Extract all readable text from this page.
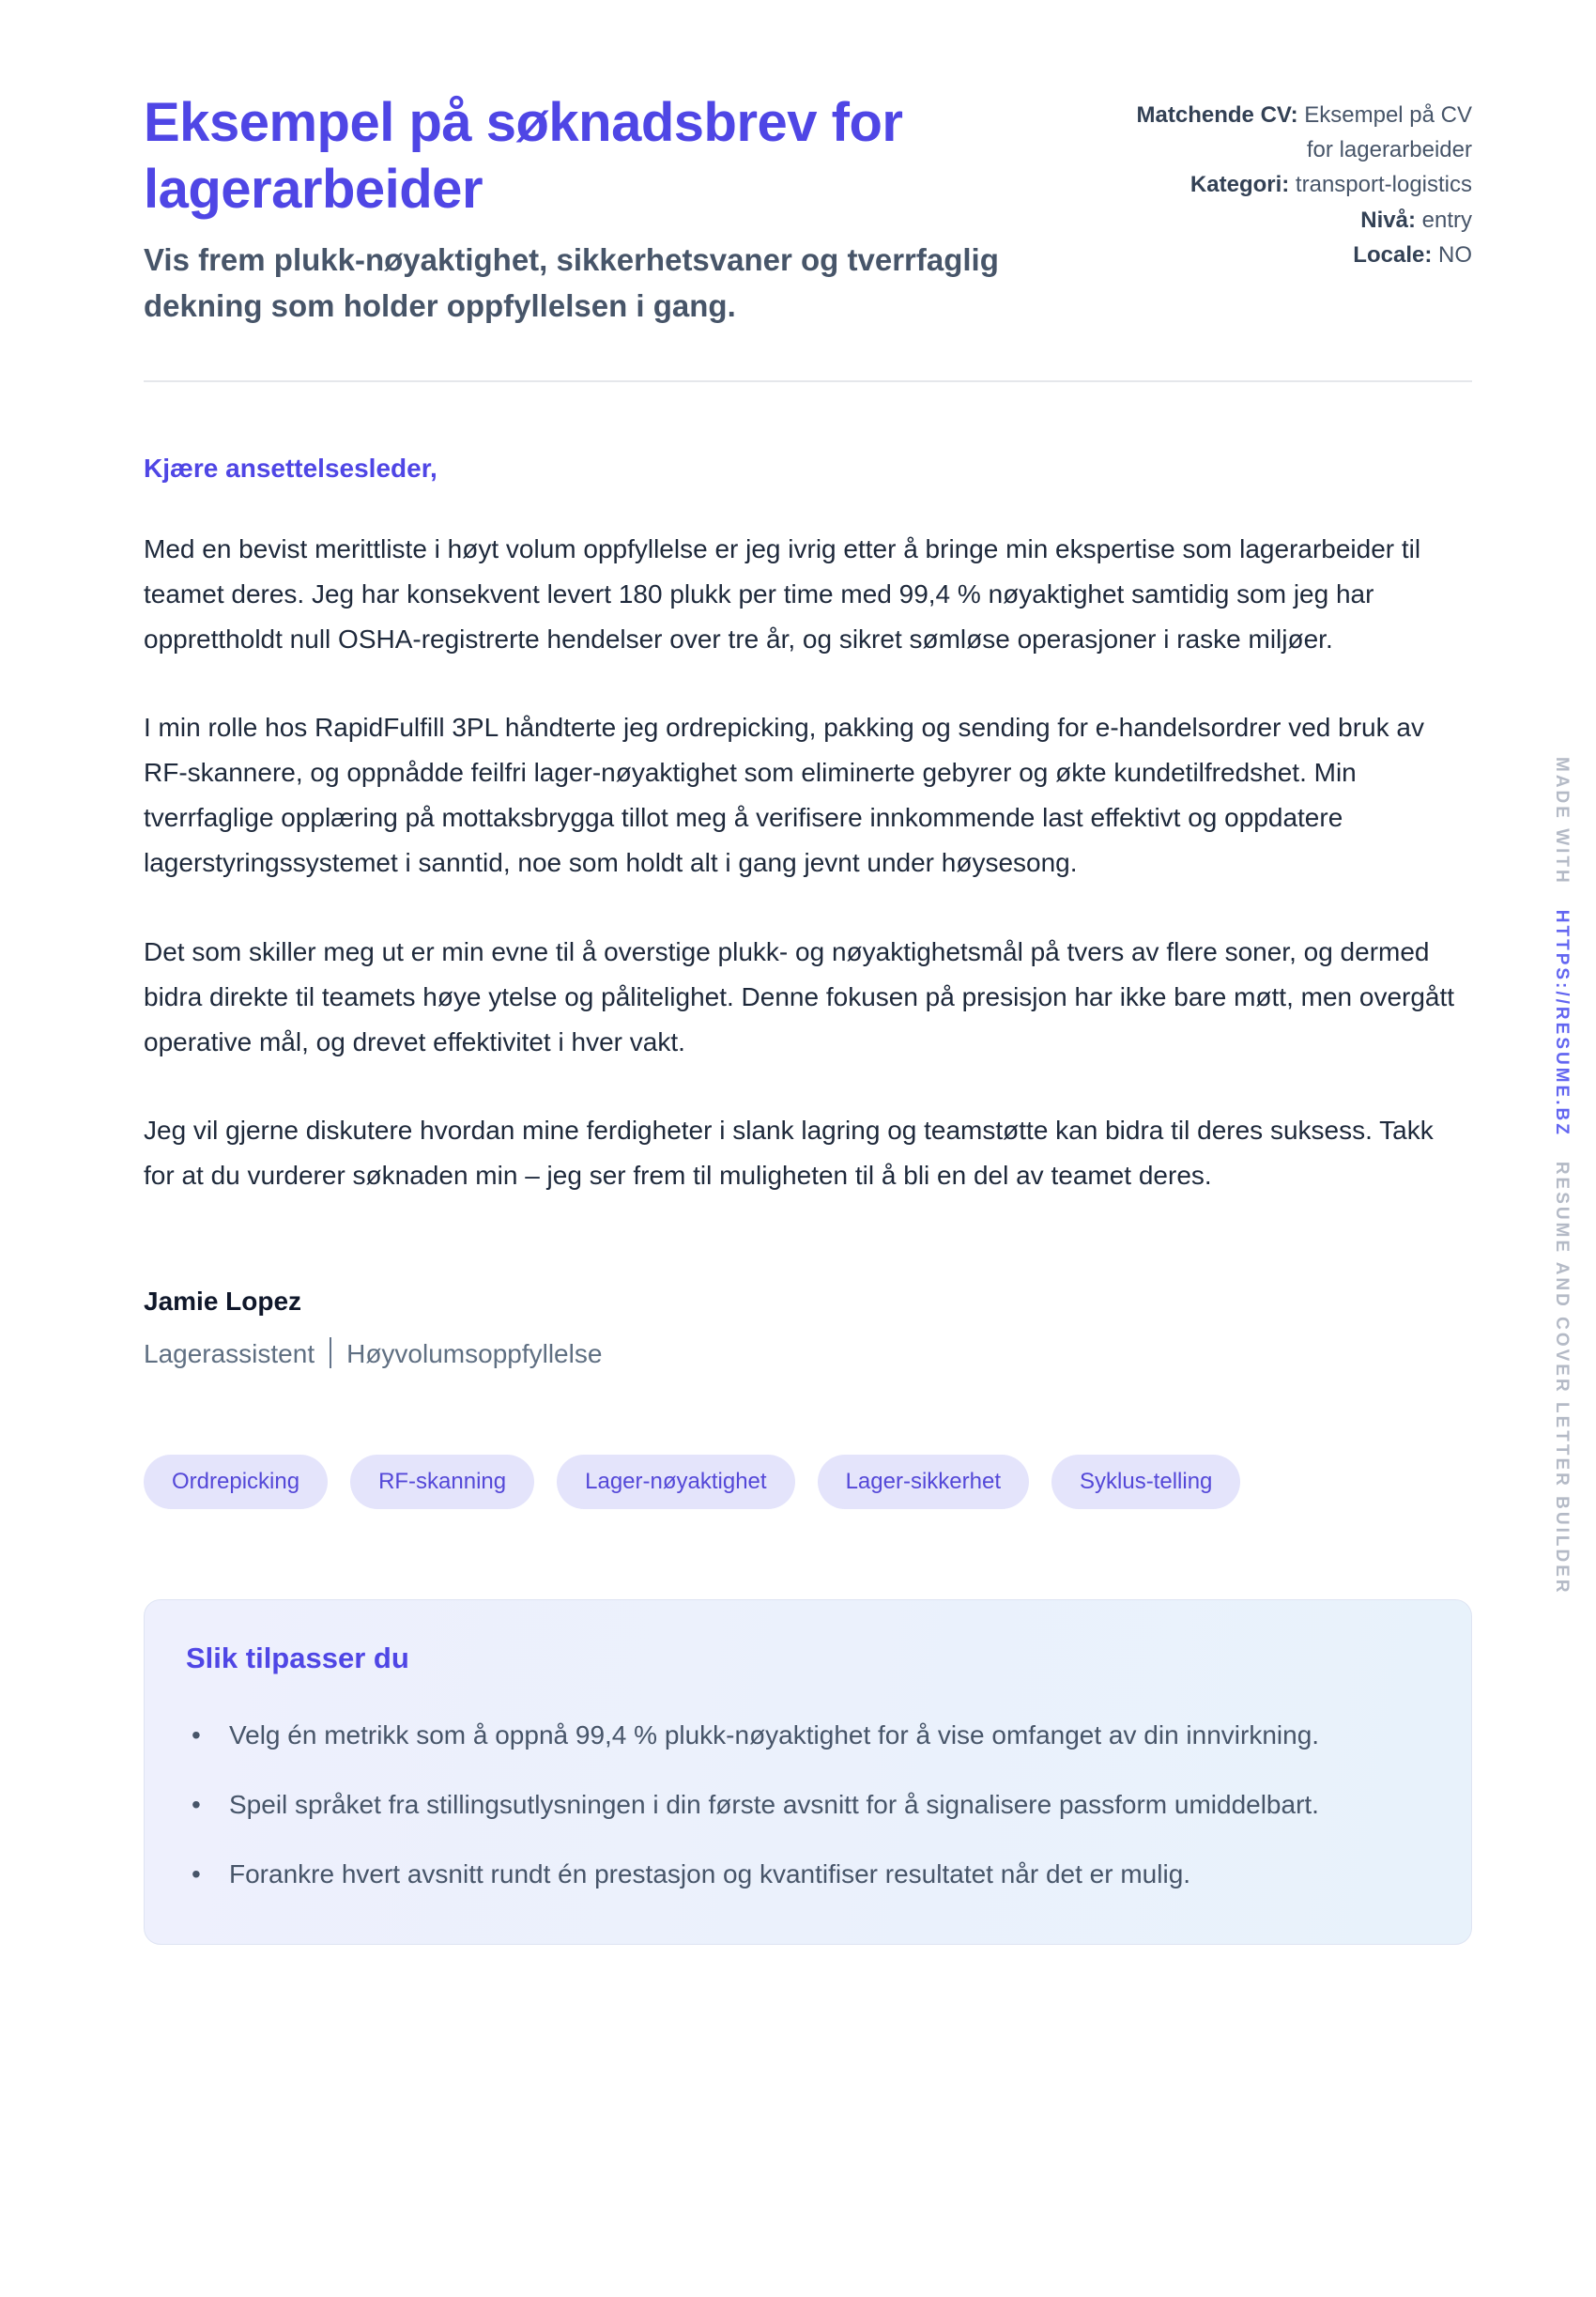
Eksempel på søknadsbrev for lagerarbeider

Vis frem plukk-nøyaktighet, sikkerhetsvaner og tverrfaglig dekning som holder oppfyllelsen i gang.

Matchende CV: Eksempel på CV for lagerarbeider
Kategori: transport-logistics
Nivå: entry
Locale: NO

Kjære ansettelsesleder,

Med en bevist merittliste i høyt volum oppfyllelse er jeg ivrig etter å bringe min ekspertise som lagerarbeider til teamet deres. Jeg har konsekvent levert 180 plukk per time med 99,4 % nøyaktighet samtidig som jeg har opprettholdt null OSHA-registrerte hendelser over tre år, og sikret sømløse operasjoner i raske miljøer.

I min rolle hos RapidFulfill 3PL håndterte jeg ordrepicking, pakking og sending for e-handelsordrer ved bruk av RF-skannere, og oppnådde feilfri lager-nøyaktighet som eliminerte gebyrer og økte kundetilfredshet. Min tverrfaglige opplæring på mottaksbrygga tillot meg å verifisere innkommende last effektivt og oppdatere lagerstyringssystemet i sanntid, noe som holdt alt i gang jevnt under høysesong.

Det som skiller meg ut er min evne til å overstige plukk- og nøyaktighetsmål på tvers av flere soner, og dermed bidra direkte til teamets høye ytelse og pålitelighet. Denne fokusen på presisjon har ikke bare møtt, men overgått operative mål, og drevet effektivitet i hver vakt.

Jeg vil gjerne diskutere hvordan mine ferdigheter i slank lagring og teamstøtte kan bidra til deres suksess. Takk for at du vurderer søknaden min – jeg ser frem til muligheten til å bli en del av teamet deres.

Jamie Lopez
Lagerassistent Høyvolumsoppfyllelse
Ordrepicking	RF-skanning	Lager-nøyaktighet	Lager-sikkerhet	Syklus-telling
Slik tilpasser du
• Velg én metrikk som å oppnå 99,4 % plukk-nøyaktighet for å vise omfanget av din innvirkning.
• Speil språket fra stillingsutlysningen i din første avsnitt for å signalisere passform umiddelbart.
• Forankre hvert avsnitt rundt én prestasjon og kvantifiser resultatet når det er mulig.
MADE WITHHTTPS://RESUME.BZRESUME AND COVER LETTER BUILDER
